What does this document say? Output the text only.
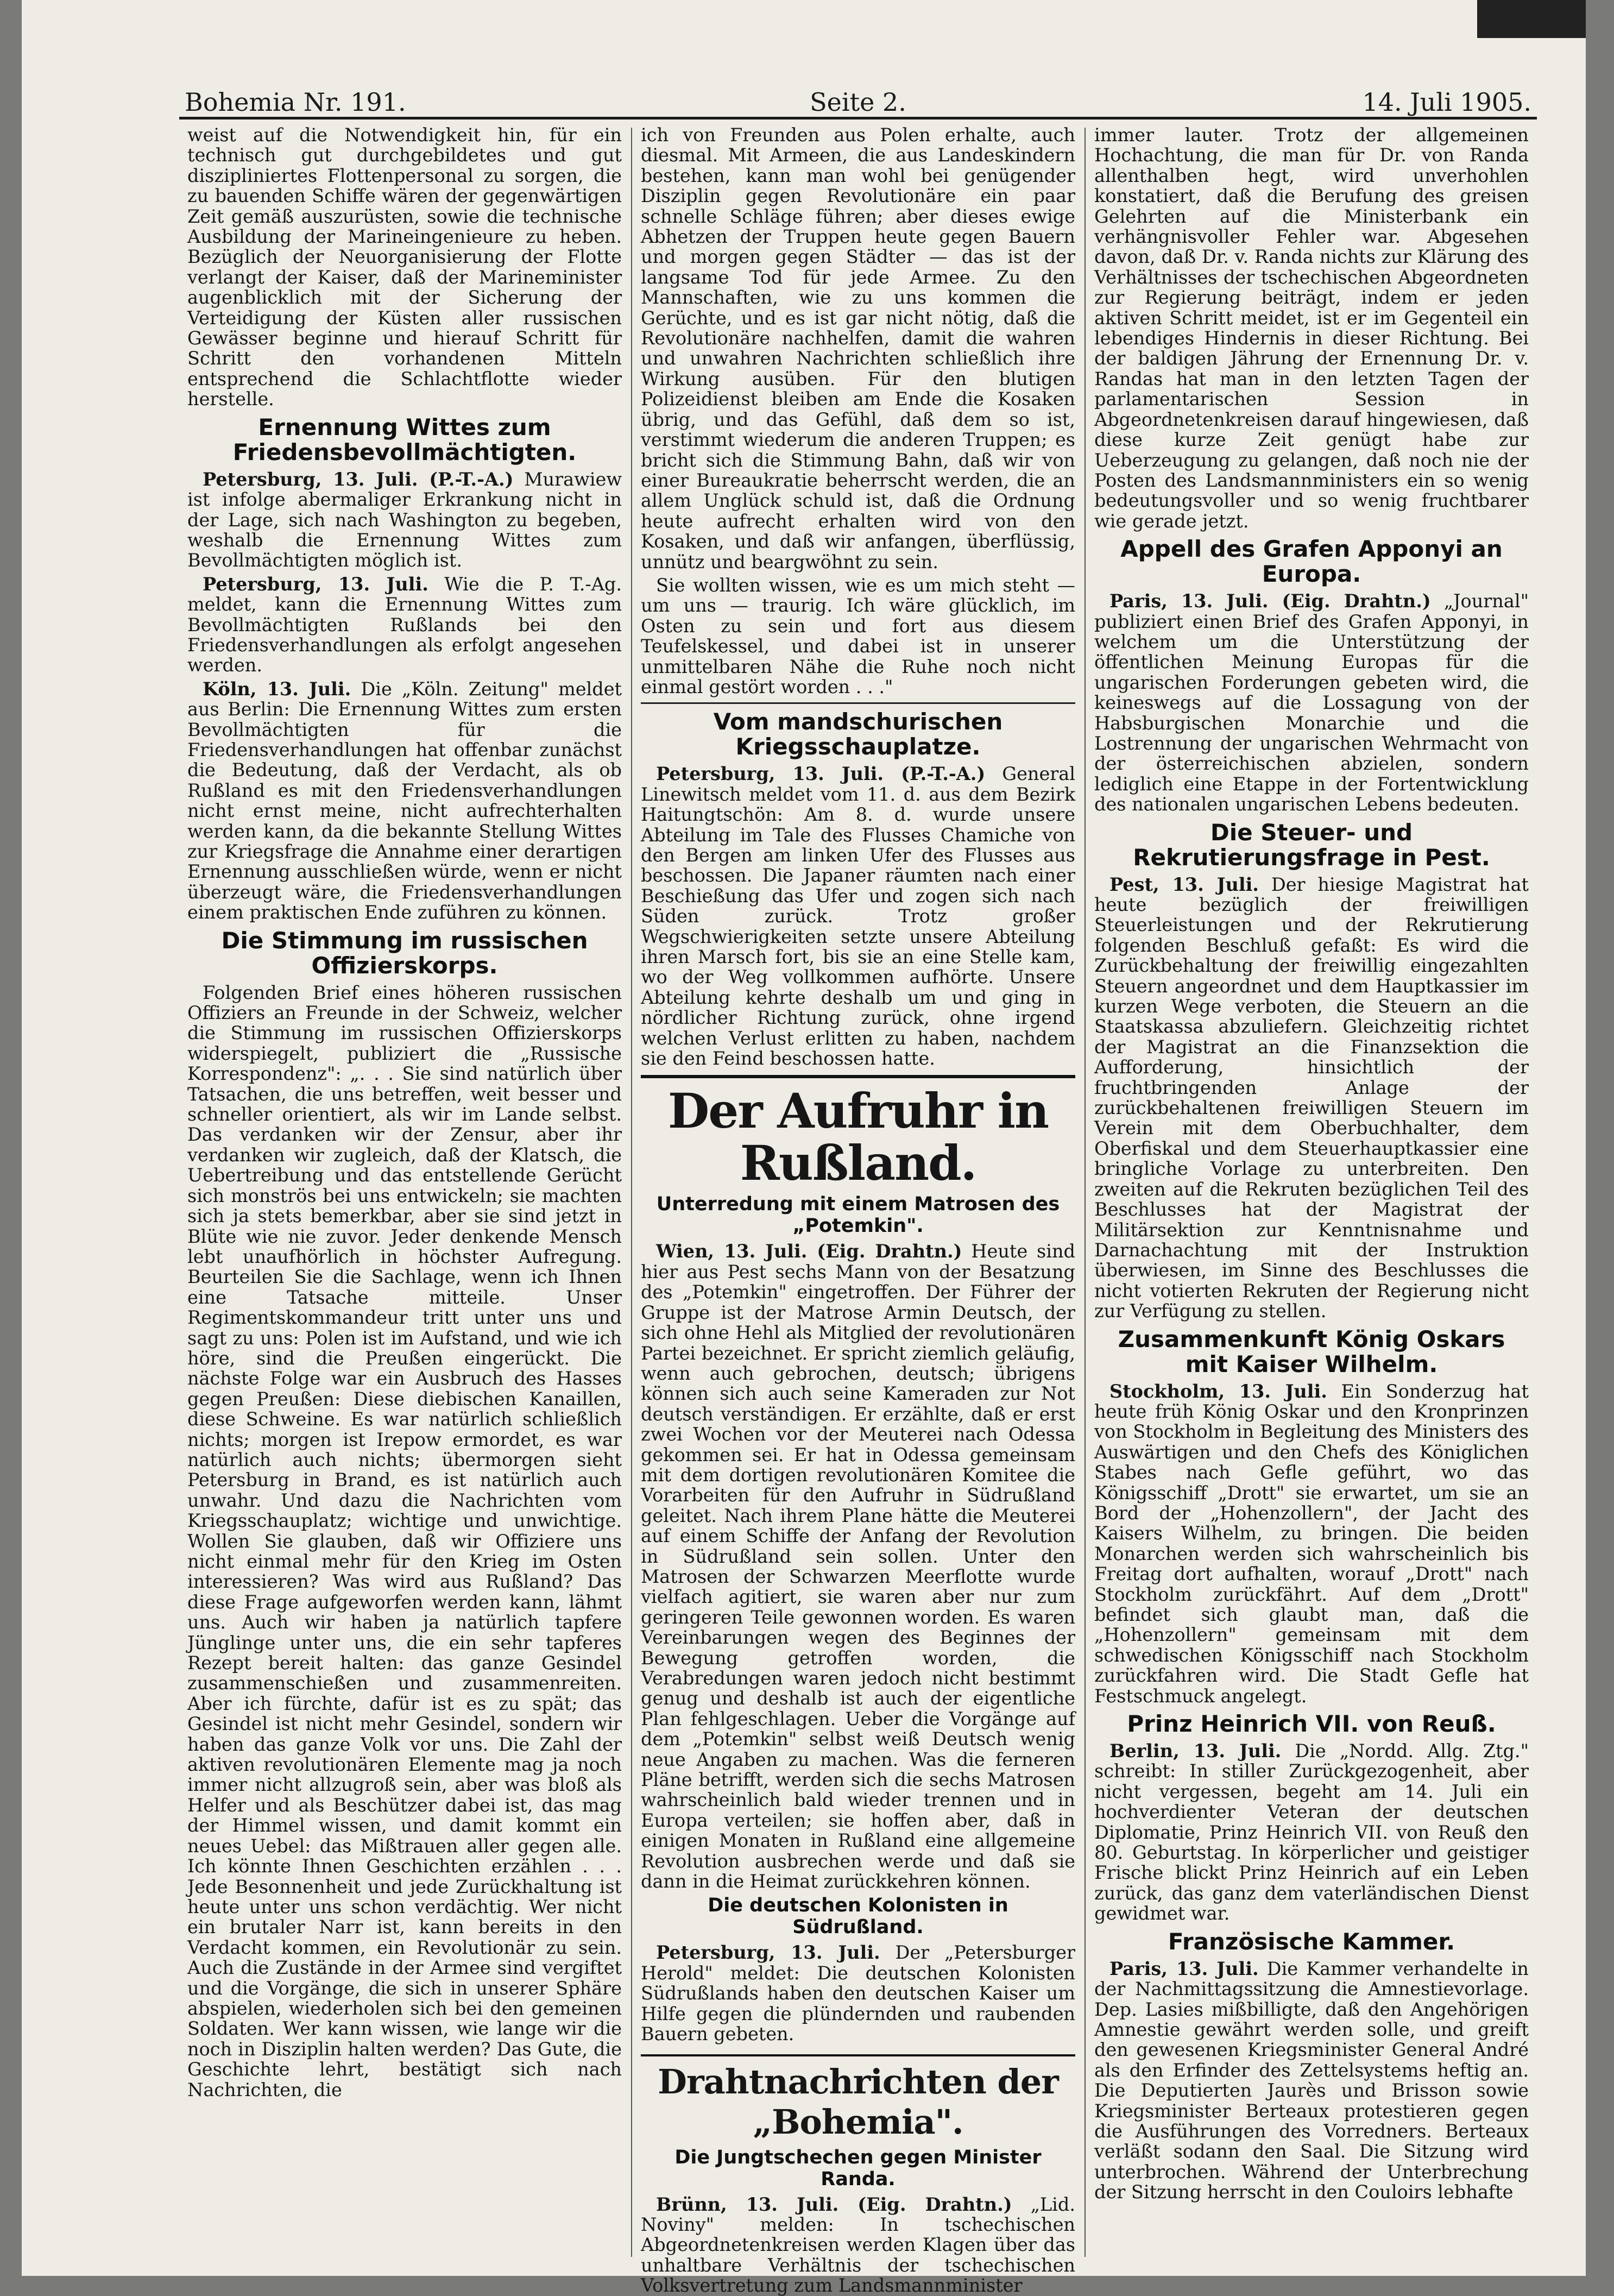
Bohemia Nr. 191.	Seite 2.	14. Juli 1905.

weist auf die Notwendigkeit hin, für ein technisch gut durchgebildetes und gut diszipliniertes Flottenpersonal zu sorgen, die zu bauenden Schiffe wären der gegenwärtigen Zeit gemäß auszurüsten, sowie die technische Ausbildung der Marineingenieure zu heben. Bezüglich der Neuorganisierung der Flotte verlangt der Kaiser, daß der Marineminister augenblicklich mit der Sicherung der Verteidigung der Küsten aller russischen Gewässer beginne und hierauf Schritt für Schritt den vorhandenen Mitteln entsprechend die Schlachtflotte wieder herstelle.

Ernennung Wittes zum Friedensbevollmächtigten.

Petersburg, 13. Juli. (P.-T.-A.) Murawiew ist infolge abermaliger Erkrankung nicht in der Lage, sich nach Washington zu begeben, weshalb die Ernennung Wittes zum Bevollmächtigten möglich ist.

Petersburg, 13. Juli. Wie die P. T.-Ag. meldet, kann die Ernennung Wittes zum Bevollmächtigten Rußlands bei den Friedensverhandlungen als erfolgt angesehen werden.

Köln, 13. Juli. Die „Köln. Zeitung" meldet aus Berlin: Die Ernennung Wittes zum ersten Bevollmächtigten für die Friedensverhandlungen hat offenbar zunächst die Bedeutung, daß der Verdacht, als ob Rußland es mit den Friedensverhandlungen nicht ernst meine, nicht aufrechterhalten werden kann, da die bekannte Stellung Wittes zur Kriegsfrage die Annahme einer derartigen Ernennung ausschließen würde, wenn er nicht überzeugt wäre, die Friedensverhandlungen einem praktischen Ende zuführen zu können.

Die Stimmung im russischen Offizierskorps.

Folgenden Brief eines höheren russischen Offiziers an Freunde in der Schweiz, welcher die Stimmung im russischen Offizierskorps widerspiegelt, publiziert die „Russische Korrespondenz": „. . . Sie sind natürlich über Tatsachen, die uns betreffen, weit besser und schneller orientiert, als wir im Lande selbst. Das verdanken wir der Zensur, aber ihr verdanken wir zugleich, daß der Klatsch, die Uebertreibung und das entstellende Gerücht sich monströs bei uns entwickeln; sie machten sich ja stets bemerkbar, aber sie sind jetzt in Blüte wie nie zuvor. Jeder denkende Mensch lebt unaufhörlich in höchster Aufregung. Beurteilen Sie die Sachlage, wenn ich Ihnen eine Tatsache mitteile. Unser Regimentskommandeur tritt unter uns und sagt zu uns: Polen ist im Aufstand, und wie ich höre, sind die Preußen eingerückt. Die nächste Folge war ein Ausbruch des Hasses gegen Preußen: Diese diebischen Kanaillen, diese Schweine. Es war natürlich schließlich nichts; morgen ist Irepow ermordet, es war natürlich auch nichts; übermorgen sieht Petersburg in Brand, es ist natürlich auch unwahr. Und dazu die Nachrichten vom Kriegsschauplatz; wichtige und unwichtige. Wollen Sie glauben, daß wir Offiziere uns nicht einmal mehr für den Krieg im Osten interessieren? Was wird aus Rußland? Das diese Frage aufgeworfen werden kann, lähmt uns. Auch wir haben ja natürlich tapfere Jünglinge unter uns, die ein sehr tapferes Rezept bereit halten: das ganze Gesindel zusammenschießen und zusammenreiten. Aber ich fürchte, dafür ist es zu spät; das Gesindel ist nicht mehr Gesindel, sondern wir haben das ganze Volk vor uns. Die Zahl der aktiven revolutionären Elemente mag ja noch immer nicht allzugroß sein, aber was bloß als Helfer und als Beschützer dabei ist, das mag der Himmel wissen, und damit kommt ein neues Uebel: das Mißtrauen aller gegen alle. Ich könnte Ihnen Geschichten erzählen . . . Jede Besonnenheit und jede Zurückhaltung ist heute unter uns schon verdächtig. Wer nicht ein brutaler Narr ist, kann bereits in den Verdacht kommen, ein Revolutionär zu sein. Auch die Zustände in der Armee sind vergiftet und die Vorgänge, die sich in unserer Sphäre abspielen, wiederholen sich bei den gemeinen Soldaten. Wer kann wissen, wie lange wir die noch in Disziplin halten werden? Das Gute, die Geschichte lehrt, bestätigt sich nach Nachrichten, die

ich von Freunden aus Polen erhalte, auch diesmal. Mit Armeen, die aus Landeskindern bestehen, kann man wohl bei genügender Disziplin gegen Revolutionäre ein paar schnelle Schläge führen; aber dieses ewige Abhetzen der Truppen heute gegen Bauern und morgen gegen Städter — das ist der langsame Tod für jede Armee. Zu den Mannschaften, wie zu uns kommen die Gerüchte, und es ist gar nicht nötig, daß die Revolutionäre nachhelfen, damit die wahren und unwahren Nachrichten schließlich ihre Wirkung ausüben. Für den blutigen Polizeidienst bleiben am Ende die Kosaken übrig, und das Gefühl, daß dem so ist, verstimmt wiederum die anderen Truppen; es bricht sich die Stimmung Bahn, daß wir von einer Bureaukratie beherrscht werden, die an allem Unglück schuld ist, daß die Ordnung heute aufrecht erhalten wird von den Kosaken, und daß wir anfangen, überflüssig, unnütz und beargwöhnt zu sein.

Sie wollten wissen, wie es um mich steht — um uns — traurig. Ich wäre glücklich, im Osten zu sein und fort aus diesem Teufelskessel, und dabei ist in unserer unmittelbaren Nähe die Ruhe noch nicht einmal gestört worden . . ."

Vom mandschurischen Kriegsschauplatze.

Petersburg, 13. Juli. (P.-T.-A.) General Linewitsch meldet vom 11. d. aus dem Bezirk Haitungtschön: Am 8. d. wurde unsere Abteilung im Tale des Flusses Chamiche von den Bergen am linken Ufer des Flusses aus beschossen. Die Japaner räumten nach einer Beschießung das Ufer und zogen sich nach Süden zurück. Trotz großer Wegschwierigkeiten setzte unsere Abteilung ihren Marsch fort, bis sie an eine Stelle kam, wo der Weg vollkommen aufhörte. Unsere Abteilung kehrte deshalb um und ging in nördlicher Richtung zurück, ohne irgend welchen Verlust erlitten zu haben, nachdem sie den Feind beschossen hatte.

Der Aufruhr in Rußland.
Unterredung mit einem Matrosen des „Potemkin".

Wien, 13. Juli. (Eig. Drahtn.) Heute sind hier aus Pest sechs Mann von der Besatzung des „Potemkin" eingetroffen. Der Führer der Gruppe ist der Matrose Armin Deutsch, der sich ohne Hehl als Mitglied der revolutionären Partei bezeichnet. Er spricht ziemlich geläufig, wenn auch gebrochen, deutsch; übrigens können sich auch seine Kameraden zur Not deutsch verständigen. Er erzählte, daß er erst zwei Wochen vor der Meuterei nach Odessa gekommen sei. Er hat in Odessa gemeinsam mit dem dortigen revolutionären Komitee die Vorarbeiten für den Aufruhr in Südrußland geleitet. Nach ihrem Plane hätte die Meuterei auf einem Schiffe der Anfang der Revolution in Südrußland sein sollen. Unter den Matrosen der Schwarzen Meerflotte wurde vielfach agitiert, sie waren aber nur zum geringeren Teile gewonnen worden. Es waren Vereinbarungen wegen des Beginnes der Bewegung getroffen worden, die Verabredungen waren jedoch nicht bestimmt genug und deshalb ist auch der eigentliche Plan fehlgeschlagen. Ueber die Vorgänge auf dem „Potemkin" selbst weiß Deutsch wenig neue Angaben zu machen. Was die ferneren Pläne betrifft, werden sich die sechs Matrosen wahrscheinlich bald wieder trennen und in Europa verteilen; sie hoffen aber, daß in einigen Monaten in Rußland eine allgemeine Revolution ausbrechen werde und daß sie dann in die Heimat zurückkehren können.

Die deutschen Kolonisten in Südrußland.

Petersburg, 13. Juli. Der „Petersburger Herold" meldet: Die deutschen Kolonisten Südrußlands haben den deutschen Kaiser um Hilfe gegen die plündernden und raubenden Bauern gebeten.

Drahtnachrichten der „Bohemia".
Die Jungtschechen gegen Minister Randa.

Brünn, 13. Juli. (Eig. Drahtn.) „Lid. Noviny" melden: In tschechischen Abgeordnetenkreisen werden Klagen über das unhaltbare Verhältnis der tschechischen Volksvertretung zum Landsmannminister

immer lauter. Trotz der allgemeinen Hochachtung, die man für Dr. von Randa allenthalben hegt, wird unverhohlen konstatiert, daß die Berufung des greisen Gelehrten auf die Ministerbank ein verhängnisvoller Fehler war. Abgesehen davon, daß Dr. v. Randa nichts zur Klärung des Verhältnisses der tschechischen Abgeordneten zur Regierung beiträgt, indem er jeden aktiven Schritt meidet, ist er im Gegenteil ein lebendiges Hindernis in dieser Richtung. Bei der baldigen Jährung der Ernennung Dr. v. Randas hat man in den letzten Tagen der parlamentarischen Session in Abgeordnetenkreisen darauf hingewiesen, daß diese kurze Zeit genügt habe zur Ueberzeugung zu gelangen, daß noch nie der Posten des Landsmannministers ein so wenig bedeutungsvoller und so wenig fruchtbarer wie gerade jetzt.

Appell des Grafen Apponyi an Europa.

Paris, 13. Juli. (Eig. Drahtn.) „Journal" publiziert einen Brief des Grafen Apponyi, in welchem um die Unterstützung der öffentlichen Meinung Europas für die ungarischen Forderungen gebeten wird, die keineswegs auf die Lossagung von der Habsburgischen Monarchie und die Lostrennung der ungarischen Wehrmacht von der österreichischen abzielen, sondern lediglich eine Etappe in der Fortentwicklung des nationalen ungarischen Lebens bedeuten.

Die Steuer- und Rekrutierungsfrage in Pest.

Pest, 13. Juli. Der hiesige Magistrat hat heute bezüglich der freiwilligen Steuerleistungen und der Rekrutierung folgenden Beschluß gefaßt: Es wird die Zurückbehaltung der freiwillig eingezahlten Steuern angeordnet und dem Hauptkassier im kurzen Wege verboten, die Steuern an die Staatskassa abzuliefern. Gleichzeitig richtet der Magistrat an die Finanzsektion die Aufforderung, hinsichtlich der fruchtbringenden Anlage der zurückbehaltenen freiwilligen Steuern im Verein mit dem Oberbuchhalter, dem Oberfiskal und dem Steuerhauptkassier eine bringliche Vorlage zu unterbreiten. Den zweiten auf die Rekruten bezüglichen Teil des Beschlusses hat der Magistrat der Militärsektion zur Kenntnisnahme und Darnachachtung mit der Instruktion überwiesen, im Sinne des Beschlusses die nicht votierten Rekruten der Regierung nicht zur Verfügung zu stellen.

Zusammenkunft König Oskars mit Kaiser Wilhelm.

Stockholm, 13. Juli. Ein Sonderzug hat heute früh König Oskar und den Kronprinzen von Stockholm in Begleitung des Ministers des Auswärtigen und den Chefs des Königlichen Stabes nach Gefle geführt, wo das Königsschiff „Drott" sie erwartet, um sie an Bord der „Hohenzollern", der Jacht des Kaisers Wilhelm, zu bringen. Die beiden Monarchen werden sich wahrscheinlich bis Freitag dort aufhalten, worauf „Drott" nach Stockholm zurückfährt. Auf dem „Drott" befindet sich glaubt man, daß die „Hohenzollern" gemeinsam mit dem schwedischen Königsschiff nach Stockholm zurückfahren wird. Die Stadt Gefle hat Festschmuck angelegt.

Prinz Heinrich VII. von Reuß.

Berlin, 13. Juli. Die „Nordd. Allg. Ztg." schreibt: In stiller Zurückgezogenheit, aber nicht vergessen, begeht am 14. Juli ein hochverdienter Veteran der deutschen Diplomatie, Prinz Heinrich VII. von Reuß den 80. Geburtstag. In körperlicher und geistiger Frische blickt Prinz Heinrich auf ein Leben zurück, das ganz dem vaterländischen Dienst gewidmet war.

Französische Kammer.

Paris, 13. Juli. Die Kammer verhandelte in der Nachmittagssitzung die Amnestievorlage. Dep. Lasies mißbilligte, daß den Angehörigen Amnestie gewährt werden solle, und greift den gewesenen Kriegsminister General André als den Erfinder des Zettelsystems heftig an. Die Deputierten Jaurès und Brisson sowie Kriegsminister Berteaux protestieren gegen die Ausführungen des Vorredners. Berteaux verläßt sodann den Saal. Die Sitzung wird unterbrochen. Während der Unterbrechung der Sitzung herrscht in den Couloirs lebhafte
